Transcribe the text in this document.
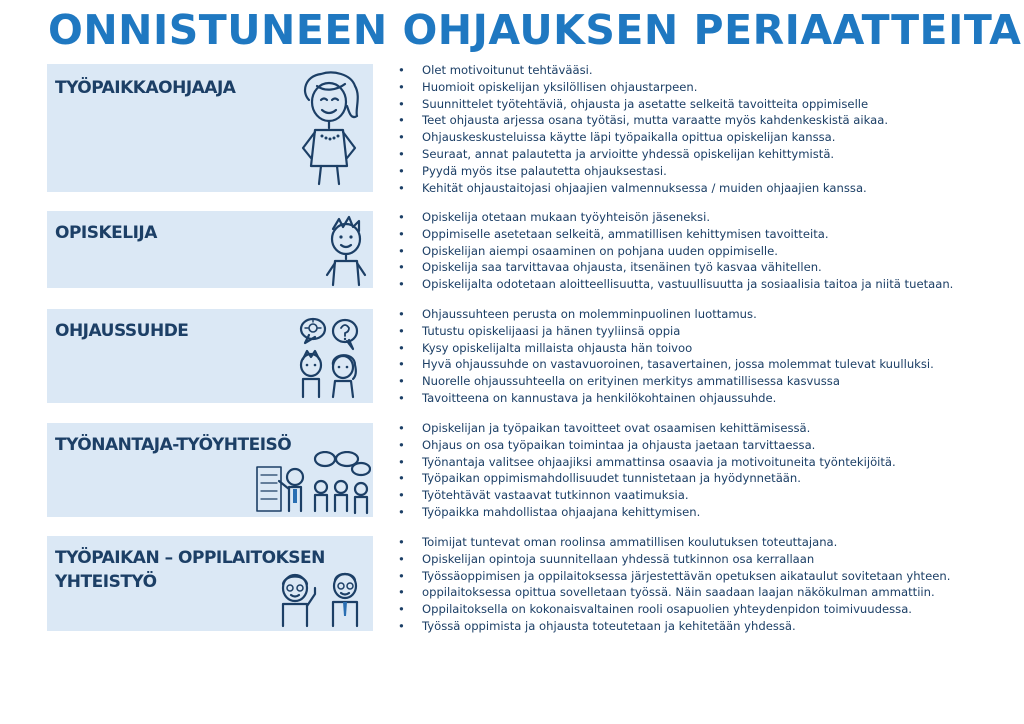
ONNISTUNEEN OHJAUKSEN PERIAATTEITA
TYÖPAIKKAOHJAAJA
• Olet motivoitunut tehtävääsi.
• Huomioit opiskelijan yksilöllisen ohjaustarpeen.
• Suunnittelet työtehtäviä, ohjausta ja asetatte selkeitä tavoitteita oppimiselle
• Teet ohjausta arjessa osana työtäsi, mutta varaatte myös kahdenkeskistä aikaa.
• Ohjauskeskusteluissa käytte läpi työpaikalla opittua opiskelijan kanssa.
• Seuraat, annat palautetta ja arvioitte yhdessä opiskelijan kehittymistä.
• Pyydä myös itse palautetta ohjauksestasi.
• Kehität ohjaustaitojasi ohjaajien valmennuksessa / muiden ohjaajien kanssa.
OPISKELIJA
• Opiskelija otetaan mukaan työyhteisön jäseneksi.
• Oppimiselle asetetaan selkeitä, ammatillisen kehittymisen tavoitteita.
• Opiskelijan aiempi osaaminen on pohjana uuden oppimiselle.
• Opiskelija saa tarvittavaa ohjausta, itsenäinen työ kasvaa vähitellen.
• Opiskelijalta odotetaan aloitteellisuutta, vastuullisuutta ja sosiaalisia taitoa ja niitä tuetaan.
OHJAUSSUHDE
• Ohjaussuhteen perusta on molemminpuolinen luottamus.
• Tutustu opiskelijaasi ja hänen tyyliinsä oppia
• Kysy opiskelijalta millaista ohjausta hän toivoo
• Hyvä ohjaussuhde on vastavuoroinen, tasavertainen, jossa molemmat tulevat kuulluksi.
• Nuorelle ohjaussuhteella on erityinen merkitys ammatillisessa kasvussa
• Tavoitteena on kannustava ja henkilökohtainen ohjaussuhde.
TYÖNANTAJA-TYÖYHTEISÖ
• Opiskelijan ja työpaikan tavoitteet ovat osaamisen kehittämisessä.
• Ohjaus on osa työpaikan toimintaa ja ohjausta jaetaan tarvittaessa.
• Työnantaja valitsee ohjaajiksi ammattinsa osaavia ja motivoituneita työntekijöitä.
• Työpaikan oppimismahdollisuudet tunnistetaan ja hyödynnetään.
• Työtehtävät vastaavat tutkinnon vaatimuksia.
• Työpaikka mahdollistaa ohjaajana kehittymisen.
TYÖPAIKAN – OPPILAITOKSEN
YHTEISTYÖ
• Toimijat tuntevat oman roolinsa ammatillisen koulutuksen toteuttajana.
• Opiskelijan opintoja suunnitellaan yhdessä tutkinnon osa kerrallaan
• Työssäoppimisen ja oppilaitoksessa järjestettävän opetuksen aikataulut sovitetaan yhteen.
• oppilaitoksessa opittua sovelletaan työssä. Näin saadaan laajan näkökulman ammattiin.
• Oppilaitoksella on kokonaisvaltainen rooli osapuolien yhteydenpidon toimivuudessa.
• Työssä oppimista ja ohjausta toteutetaan ja kehitetään yhdessä.
